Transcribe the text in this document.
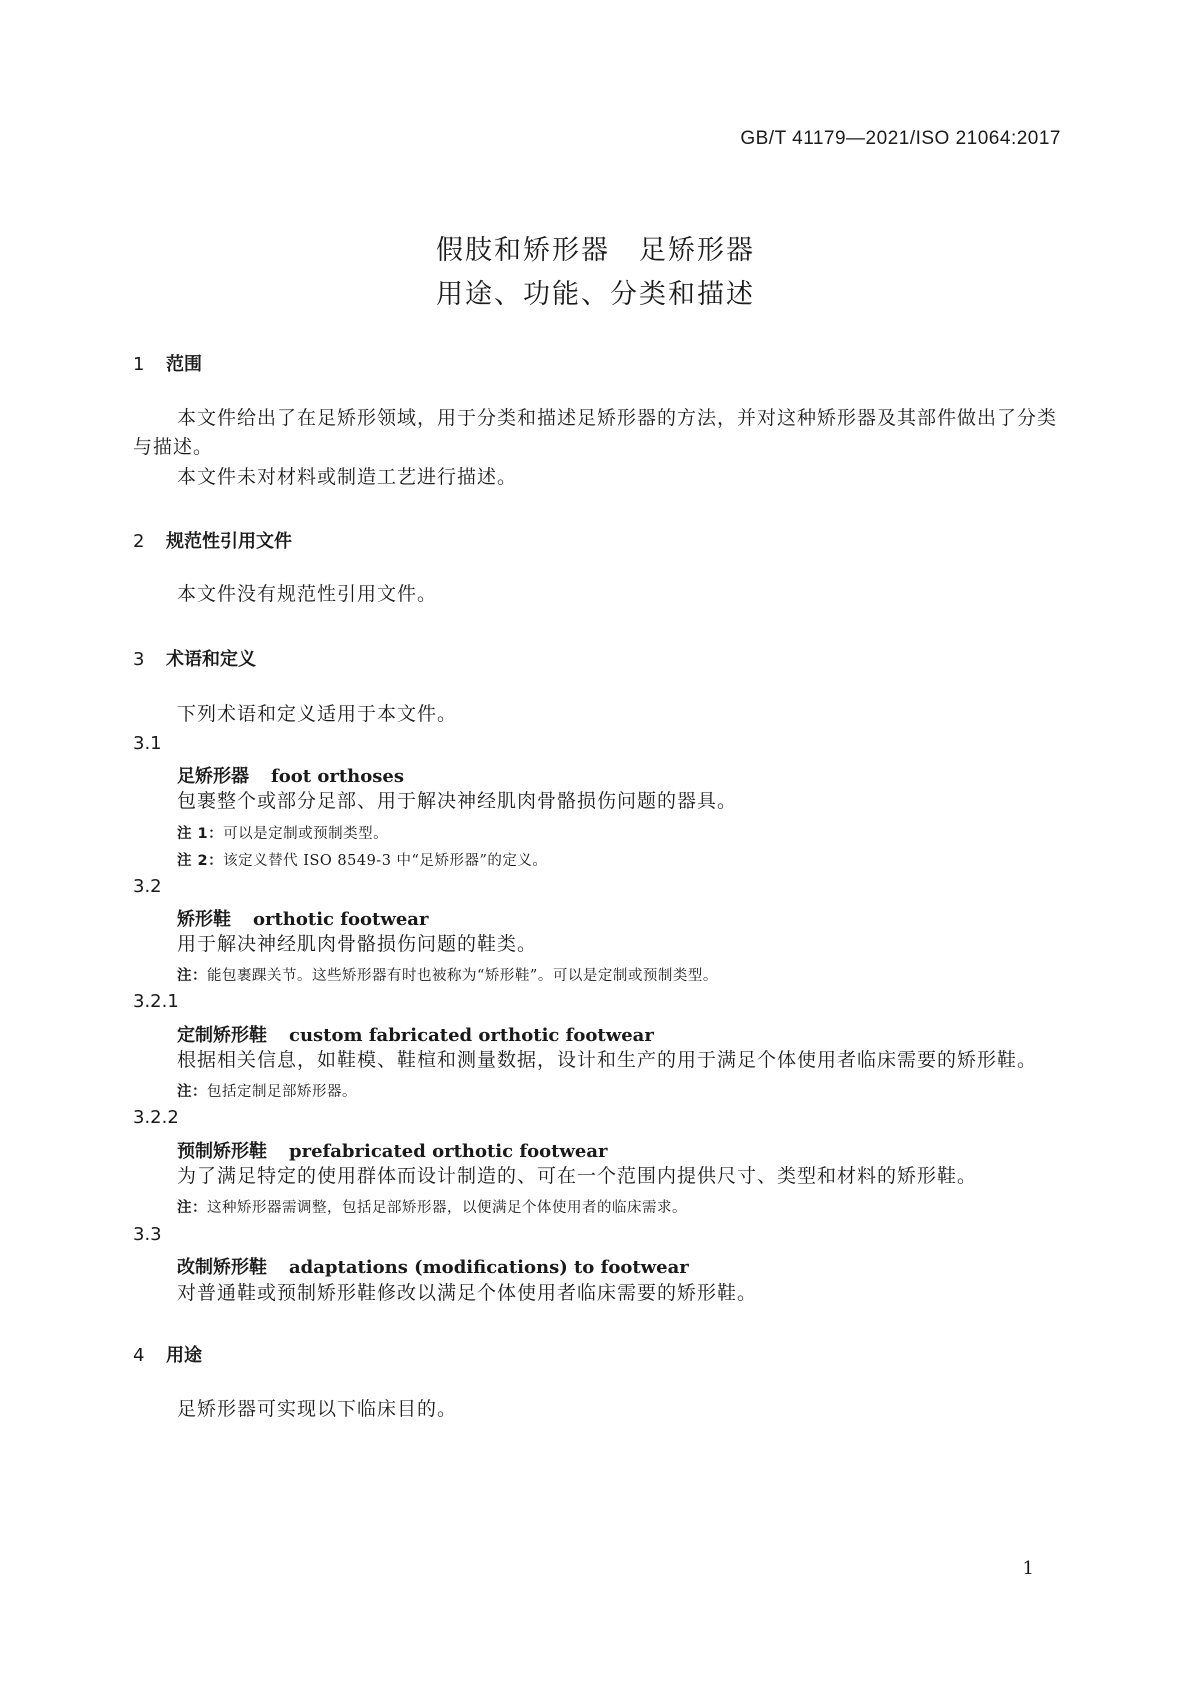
GB/T 41179—2021/ISO 21064:2017
假肢和矫形器　足矫形器
用途、功能、分类和描述
1 范围
本文件给出了在足矫形领域，用于分类和描述足矫形器的方法，并对这种矫形器及其部件做出了分类与描述。
本文件未对材料或制造工艺进行描述。
2 规范性引用文件
本文件没有规范性引用文件。
3 术语和定义
下列术语和定义适用于本文件。
3.1
足矫形器 foot orthoses
包裹整个或部分足部、用于解决神经肌肉骨骼损伤问题的器具。
注 1：可以是定制或预制类型。
注 2：该定义替代 ISO 8549-3 中“足矫形器”的定义。
3.2
矫形鞋 orthotic footwear
用于解决神经肌肉骨骼损伤问题的鞋类。
注：能包裹踝关节。这些矫形器有时也被称为“矫形鞋”。可以是定制或预制类型。
3.2.1
定制矫形鞋 custom fabricated orthotic footwear
根据相关信息，如鞋模、鞋楦和测量数据，设计和生产的用于满足个体使用者临床需要的矫形鞋。
注：包括定制足部矫形器。
3.2.2
预制矫形鞋 prefabricated orthotic footwear
为了满足特定的使用群体而设计制造的、可在一个范围内提供尺寸、类型和材料的矫形鞋。
注：这种矫形器需调整，包括足部矫形器，以便满足个体使用者的临床需求。
3.3
改制矫形鞋 adaptations (modifications) to footwear
对普通鞋或预制矫形鞋修改以满足个体使用者临床需要的矫形鞋。
4 用途
足矫形器可实现以下临床目的。
1
